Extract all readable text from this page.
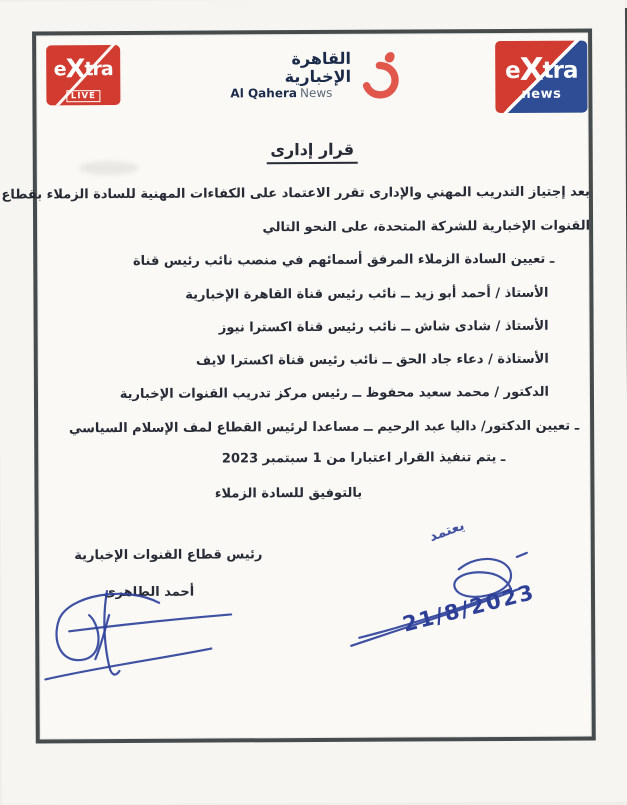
eXtra
LIVE
القاهرة الإخبارية
Al Qahera News
eXtra
news
قرار إدارى
بعد إجتياز التدريب المهني والإدارى تقرر الاعتماد على الكفاءات المهنية للسادة الزملاء بقطاع
القنوات الإخبارية للشركة المتحدة، على النحو التالي
ـ تعيين السادة الزملاء المرفق أسمائهم في منصب نائب رئيس قناة
الأستاذ / أحمد أبو زيد ــ نائب رئيس قناة القاهرة الإخبارية
الأستاذ / شادى شاش ــ نائب رئيس قناة اكسترا نيوز
الأستاذة / دعاء جاد الحق ــ نائب رئيس قناة اكسترا لايف
الدكتور / محمد سعيد محفوظ ــ رئيس مركز تدريب القنوات الإخبارية
ـ تعيين الدكتور/ داليا عبد الرحيم ــ مساعدا لرئيس القطاع لمف الإسلام السياسي
ـ يتم تنفيذ القرار اعتبارا من 1 سبتمبر 2023
بالتوفيق للسادة الزملاء
رئيس قطاع القنوات الإخبارية
أحمد الطاهرى
يعتمد
21/8/2023
